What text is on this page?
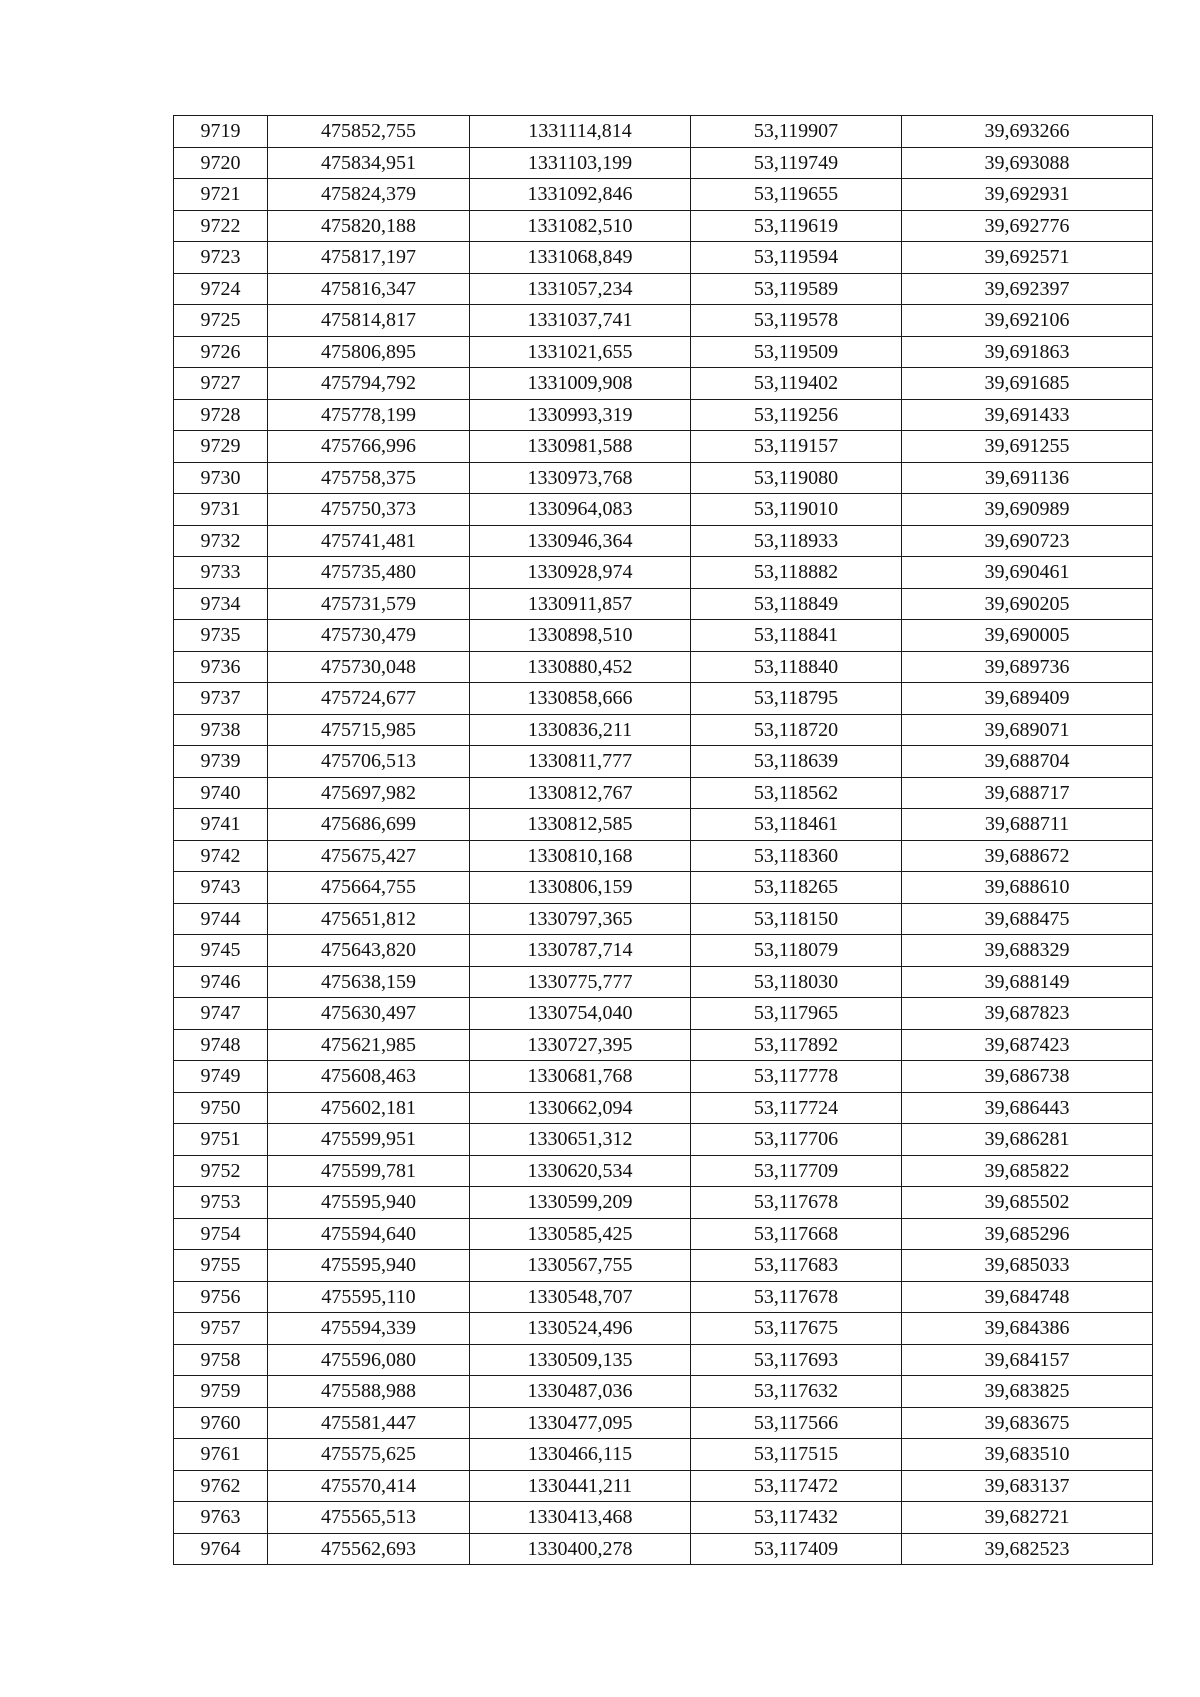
9719	475852,755	1331114,814	53,119907	39,693266
9720	475834,951	1331103,199	53,119749	39,693088
9721	475824,379	1331092,846	53,119655	39,692931
9722	475820,188	1331082,510	53,119619	39,692776
9723	475817,197	1331068,849	53,119594	39,692571
9724	475816,347	1331057,234	53,119589	39,692397
9725	475814,817	1331037,741	53,119578	39,692106
9726	475806,895	1331021,655	53,119509	39,691863
9727	475794,792	1331009,908	53,119402	39,691685
9728	475778,199	1330993,319	53,119256	39,691433
9729	475766,996	1330981,588	53,119157	39,691255
9730	475758,375	1330973,768	53,119080	39,691136
9731	475750,373	1330964,083	53,119010	39,690989
9732	475741,481	1330946,364	53,118933	39,690723
9733	475735,480	1330928,974	53,118882	39,690461
9734	475731,579	1330911,857	53,118849	39,690205
9735	475730,479	1330898,510	53,118841	39,690005
9736	475730,048	1330880,452	53,118840	39,689736
9737	475724,677	1330858,666	53,118795	39,689409
9738	475715,985	1330836,211	53,118720	39,689071
9739	475706,513	1330811,777	53,118639	39,688704
9740	475697,982	1330812,767	53,118562	39,688717
9741	475686,699	1330812,585	53,118461	39,688711
9742	475675,427	1330810,168	53,118360	39,688672
9743	475664,755	1330806,159	53,118265	39,688610
9744	475651,812	1330797,365	53,118150	39,688475
9745	475643,820	1330787,714	53,118079	39,688329
9746	475638,159	1330775,777	53,118030	39,688149
9747	475630,497	1330754,040	53,117965	39,687823
9748	475621,985	1330727,395	53,117892	39,687423
9749	475608,463	1330681,768	53,117778	39,686738
9750	475602,181	1330662,094	53,117724	39,686443
9751	475599,951	1330651,312	53,117706	39,686281
9752	475599,781	1330620,534	53,117709	39,685822
9753	475595,940	1330599,209	53,117678	39,685502
9754	475594,640	1330585,425	53,117668	39,685296
9755	475595,940	1330567,755	53,117683	39,685033
9756	475595,110	1330548,707	53,117678	39,684748
9757	475594,339	1330524,496	53,117675	39,684386
9758	475596,080	1330509,135	53,117693	39,684157
9759	475588,988	1330487,036	53,117632	39,683825
9760	475581,447	1330477,095	53,117566	39,683675
9761	475575,625	1330466,115	53,117515	39,683510
9762	475570,414	1330441,211	53,117472	39,683137
9763	475565,513	1330413,468	53,117432	39,682721
9764	475562,693	1330400,278	53,117409	39,682523
